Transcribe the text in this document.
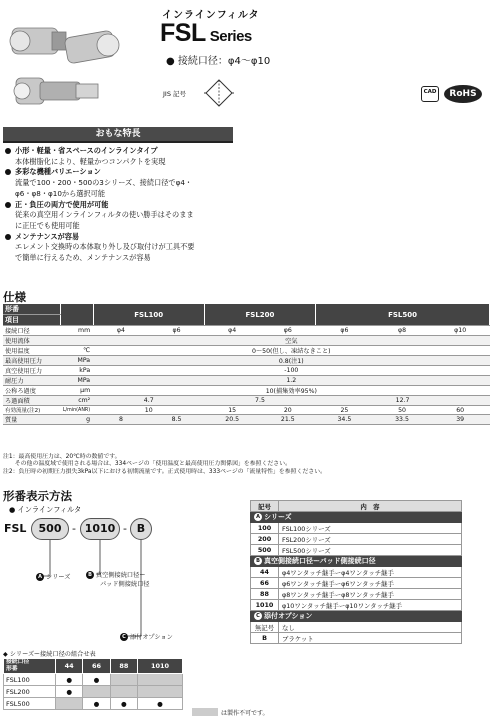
インラインフィルタ
FSL Series
● 接続口径：φ4～φ10
JIS 記号	CAD	RoHS
おもな特長
小形・軽量・省スペースのインラインタイプ
本体樹脂化により、軽量かつコンパクトを実現
多彩な機種バリエーション
流量で100・200・500の3シリーズ、接続口径でφ4・
φ6・φ8・φ10から選択可能
正・負圧の両方で使用が可能
従来の真空用インラインフィルタの使い勝手はそのまま
に正圧でも使用可能
メンテナンスが容易
エレメント交換時の本体取り外し及び取付けが工具不要
で簡単に行えるため、メンテナンスが容易
仕様
形番		FSL100		FSL200		FSL500		
項目								
接続口径	mm	φ4	φ6	φ4	φ6	φ6	φ8	φ10
使用流体		空気						
使用温度	℃	0～50(但し、凍結なきこと)						
最高使用圧力	MPa	0.8(注1)						
真空使用圧力	kPa	-100						
耐圧力	MPa	1.2						
公称ろ過度	μm	10(捕集効率95%)						
ろ過面積	cm²	4.7		7.5		12.7		
有効流量(注2)	L/min(ANR)	10		15	20	25	50	60
質量	g	8	8.5	20.5	21.5	34.5	33.5	39
注1：最高使用圧力は、20℃時の数値です。
　　その他の温度域で使用される場合は、334ページの「使用温度と最高使用圧力関係図」を参照ください。
注2：負圧時の初期圧力損失3kPa以下における初期流量です。正式使用時は、333ページの「流量特性」を参照ください。
形番表示方法
● インラインフィルタ
FSL	500 - 1010 - B
A シリーズ	B 真空側接続口径ー
パッド側接続口径
C 添付オプション
記号	内　容
A シリーズ	
100	FSL100シリーズ
200	FSL200シリーズ
500	FSL500シリーズ
B 真空側接続口径ーパッド側接続口径	
44	φ4ワンタッチ継手ーφ4ワンタッチ継手
66	φ6ワンタッチ継手ーφ6ワンタッチ継手
88	φ8ワンタッチ継手ーφ8ワンタッチ継手
1010	φ10ワンタッチ継手ーφ10ワンタッチ継手
C 添付オプション	
無記号	なし
B	ブラケット
◆ シリーズー接続口径の組合せ表
接続口径
形番	44	66	88	1010
FSL100	●	●		
FSL200	●			
FSL500		●	●	●
は製作不可です。
